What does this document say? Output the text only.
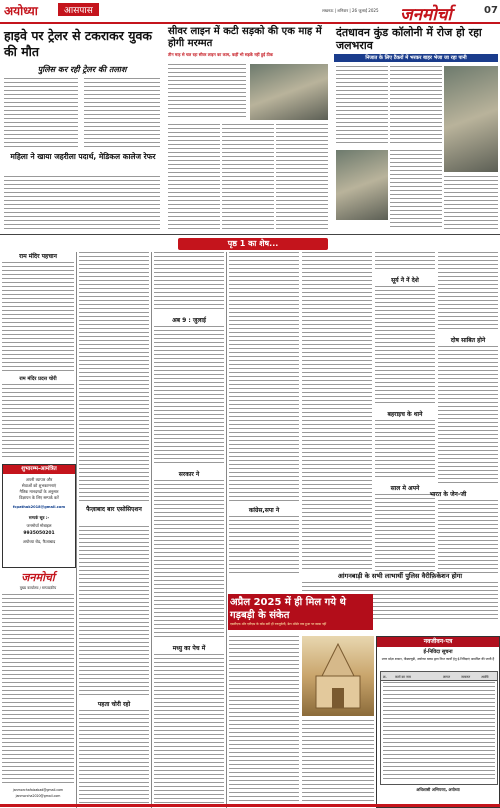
अयोध्या	आसपास	लखनऊ | शनिवार | 26 जुलाई 2025 जनमोर्चा	07
हाइवे पर ट्रेलर से टकराकर युवक की मौत
पुलिस कर रही ट्रेलर की तलाश
महिला ने खाया जहरीला पदार्थ, मेडिकल कालेज रेफर
सीवर लाइन में कटी सड़को की एक माह में होगी मरम्मत
तीन माह से चल रहा सीवर लाइन का काम, कहीं भी सड़कें नहीं हुईं ठीक
दंतधावन कुंड कॉलोनी में रोज हो रहा जलभराव
निजात के लिए टैंकरों में भरकर बाहर भेजा जा रहा पानी
पृष्ठ 1 का शेष...
राम मंदिर पहचान
राम मंदिर प्रदत्त चोरी
शुभारम्भ-आमंत्रित
अपनी व्यापार और
सेवाओं को शुभकामनाएं
नैतिक मानदण्डों के अनुसार
विज्ञापन के लिए सम्पर्क करें
fcpathak2018@gmail.com
सम्पर्क सूत्र :-
जनमोर्चा मोबाइल
9935050201
अयोध्या रोड, फैजाबाद
जनमोर्चा
मुख्य कार्यालय / सम्पादकीय
janmorchafaizabad@gmail.com
janmorcha2020@gmail.com
फैज़ाबाद बार एसोसिएशन
पहता चोरी रहो
अब 9 : जुलाई
सरकार ने
मध्यु का पेच में
कांग्रेस,सपा ने
सूर्य नेे नें देशे
बहराइच के थाने
साल मे अपने
दोष साबित होने
भारत के जेन-जी
आंगनबाड़ी के सभी लाभार्थी पुलिस वैरीफ़िकेशन होगा
अप्रैल 2025 में ही मिल गये थे गड़बड़ी के संकेत
एसटीएफ और एटीएस के कोड बनी ही रणजुवेली, डेटा ऑर्डर तक हुआ पर खास नहीं
नवजीवन-पत्र
ई-निविदा सूचना
उत्तर प्रदेश शासन, पीडब्ल्यूडी, अयोध्या खण्ड द्वारा निम्न कार्यों हेतु ई-निविदाएं आमंत्रित की जाती हैं
क्र. कार्य का नाम	लागत	जमानत	अवधि
अधिशासी अभियन्ता, अयोध्या
